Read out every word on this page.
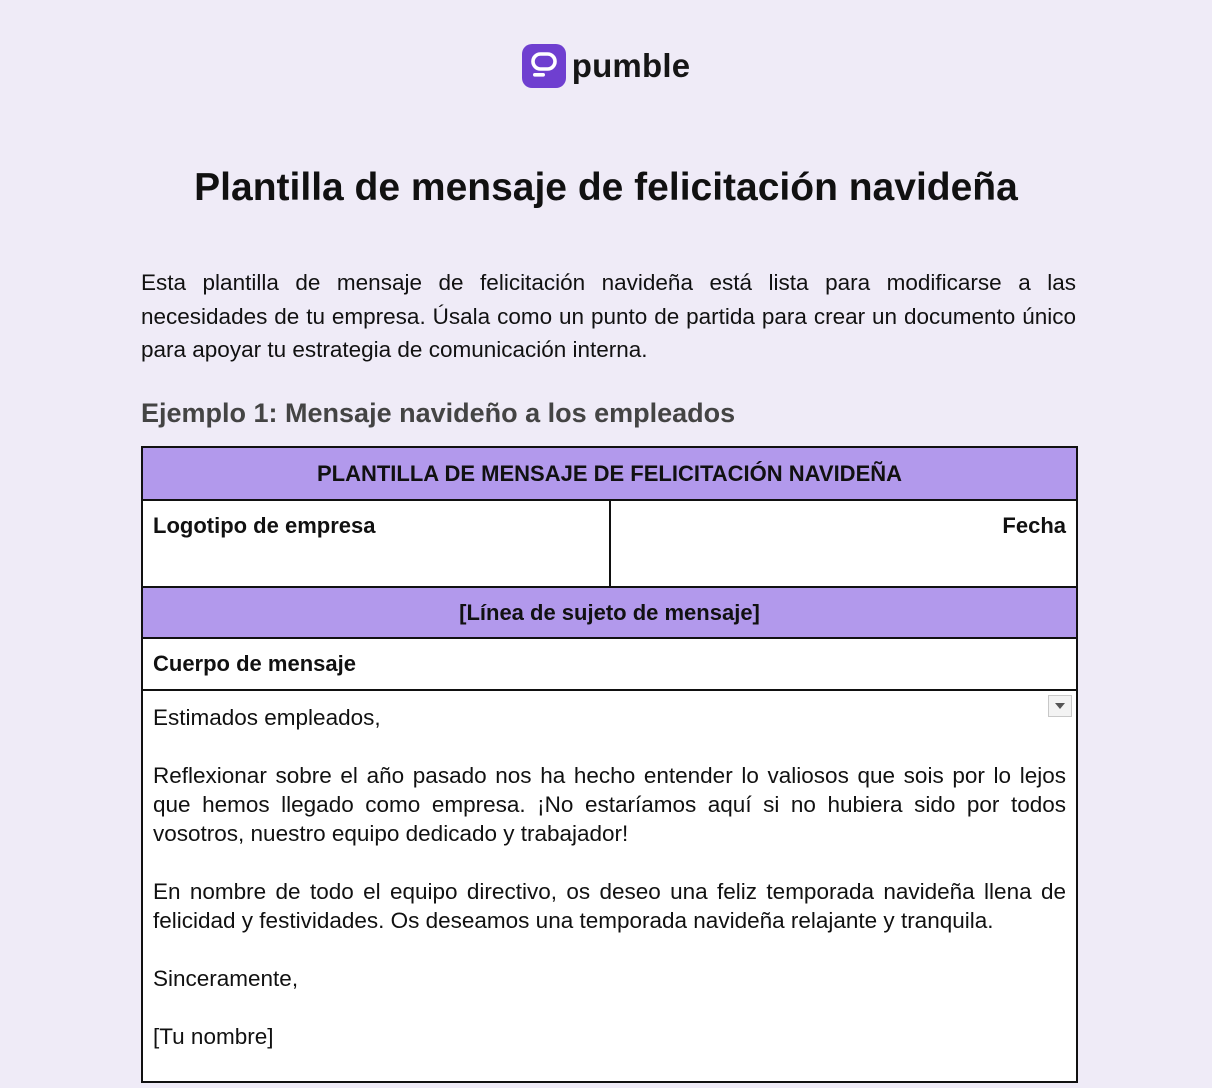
pumble
Plantilla de mensaje de felicitación navideña

Esta plantilla de mensaje de felicitación navideña está lista para modificarse a las necesidades de tu empresa. Úsala como un punto de partida para crear un documento único para apoyar tu estrategia de comunicación interna.

Ejemplo 1: Mensaje navideño a los empleados
PLANTILLA DE MENSAJE DE FELICITACIÓN NAVIDEÑA
Logotipo de empresa	Fecha
[Línea de sujeto de mensaje]
Cuerpo de mensaje

Estimados empleados,

Reflexionar sobre el año pasado nos ha hecho entender lo valiosos que sois por lo lejos que hemos llegado como empresa. ¡No estaríamos aquí si no hubiera sido por todos vosotros, nuestro equipo dedicado y trabajador!

En nombre de todo el equipo directivo, os deseo una feliz temporada navideña llena de felicidad y festividades. Os deseamos una temporada navideña relajante y tranquila.

Sinceramente,

[Tu nombre]
